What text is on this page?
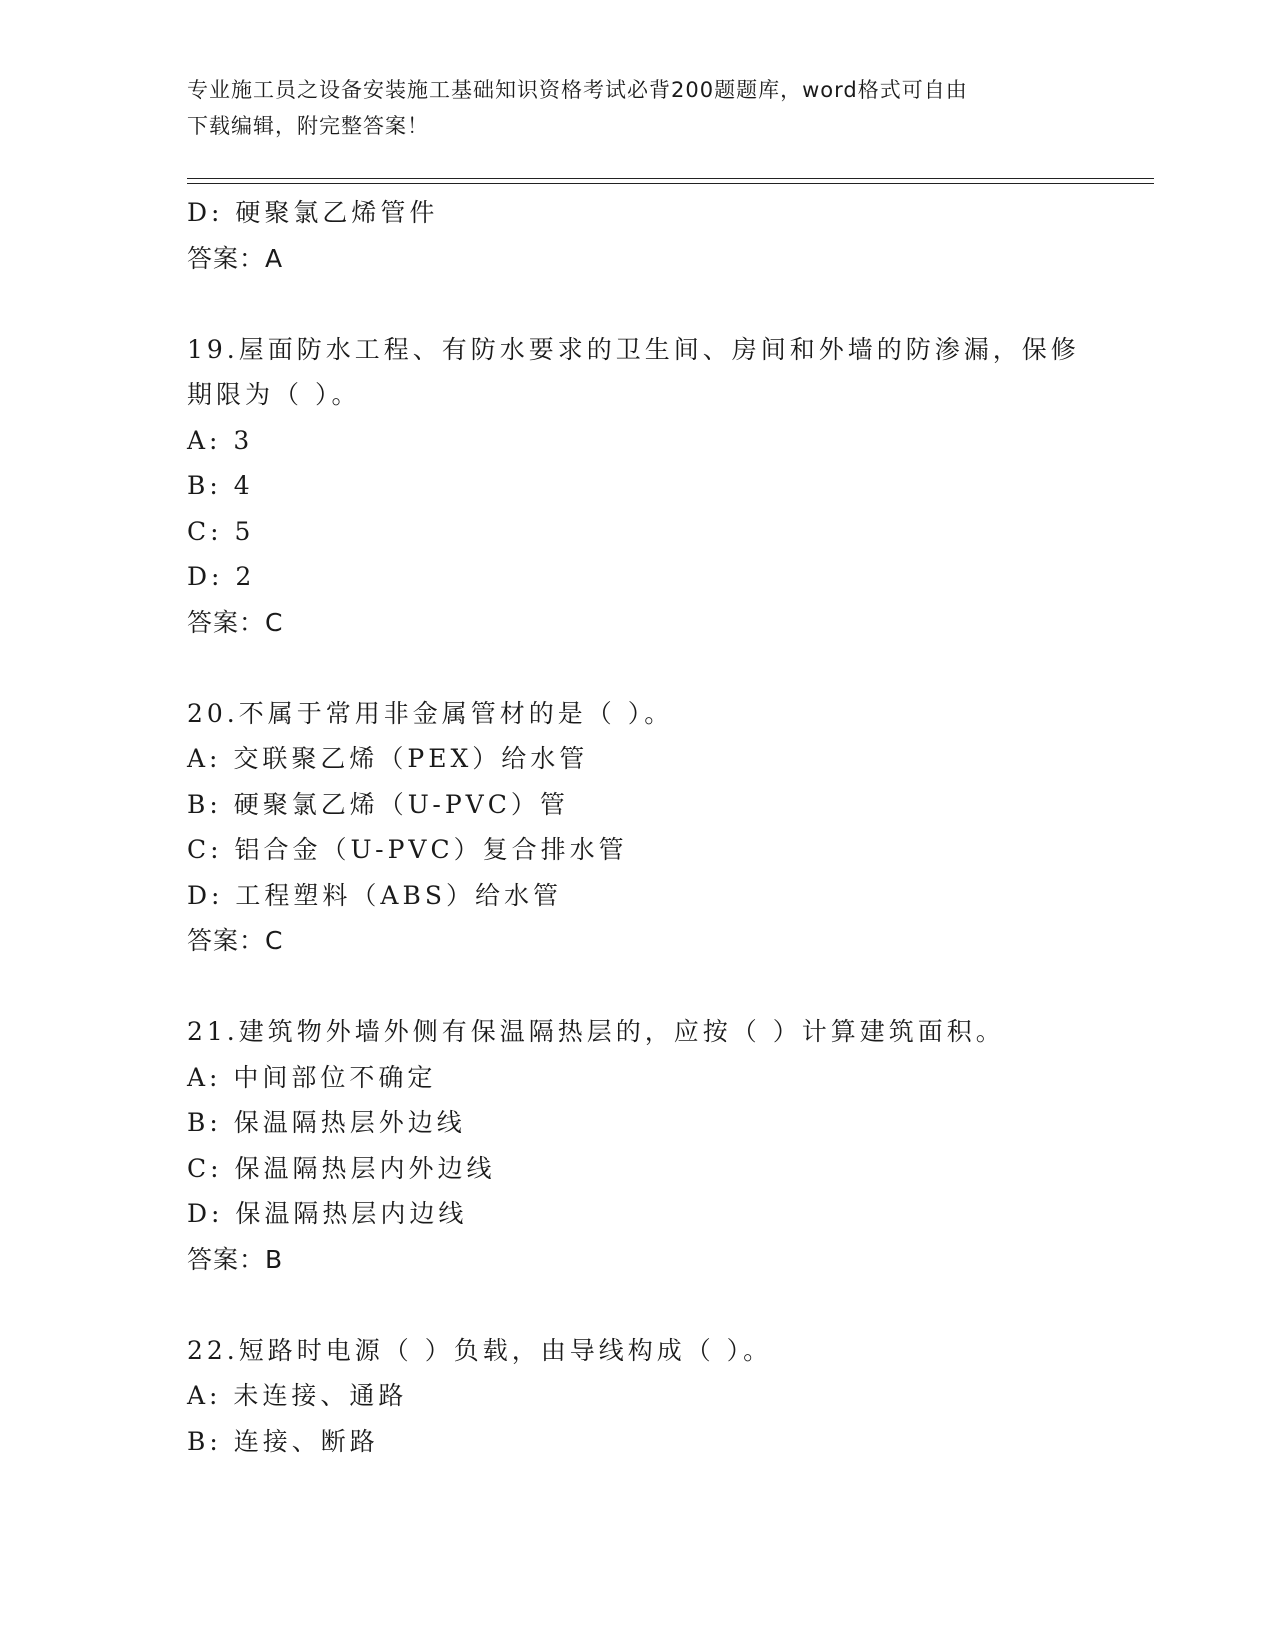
专业施工员之设备安装施工基础知识资格考试必背200题题库，word格式可自由
下载编辑，附完整答案！
D: 硬聚氯乙烯管件
答案：A
19.屋面防水工程、有防水要求的卫生间、房间和外墙的防渗漏，保修
期限为（ ）。
A: 3
B: 4
C: 5
D: 2
答案：C
20.不属于常用非金属管材的是（ ）。
A: 交联聚乙烯（PEX）给水管
B: 硬聚氯乙烯（U-PVC）管
C: 铝合金（U-PVC）复合排水管
D: 工程塑料（ABS）给水管
答案：C
21.建筑物外墙外侧有保温隔热层的，应按（ ）计算建筑面积。
A: 中间部位不确定
B: 保温隔热层外边线
C: 保温隔热层内外边线
D: 保温隔热层内边线
答案：B
22.短路时电源（ ）负载，由导线构成（ ）。
A: 未连接、通路
B: 连接、断路
